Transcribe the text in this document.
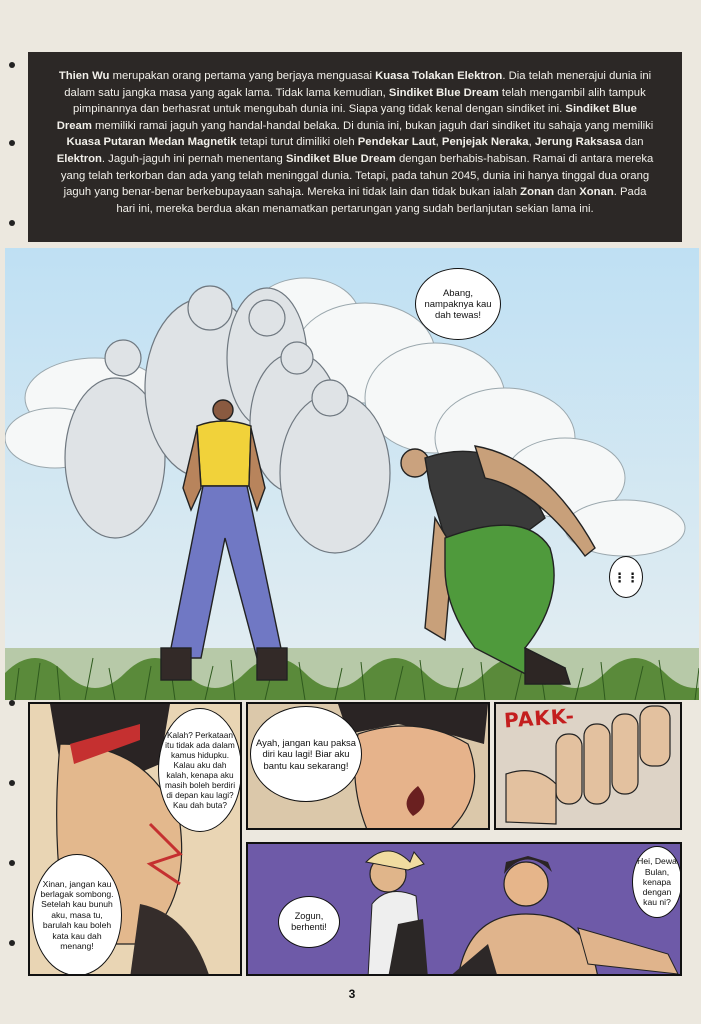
Thien Wu merupakan orang pertama yang berjaya menguasai Kuasa Tolakan Elektron. Dia telah menerajui dunia ini dalam satu jangka masa yang agak lama. Tidak lama kemudian, Sindiket Blue Dream telah mengambil alih tampuk pimpinannya dan berhasrat untuk mengubah dunia ini. Siapa yang tidak kenal dengan sindiket ini. Sindiket Blue Dream memiliki ramai jaguh yang handal-handal belaka. Di dunia ini, bukan jaguh dari sindiket itu sahaja yang memiliki Kuasa Putaran Medan Magnetik tetapi turut dimiliki oleh Pendekar Laut, Penjejak Neraka, Jerung Raksasa dan Elektron. Jaguh-jaguh ini pernah menentang Sindiket Blue Dream dengan berhabis-habisan. Ramai di antara mereka yang telah terkorban dan ada yang telah meninggal dunia. Tetapi, pada tahun 2045, dunia ini hanya tinggal dua orang jaguh yang benar-benar berkebupayaan sahaja. Mereka ini tidak lain dan tidak bukan ialah Zonan dan Xonan. Pada hari ini, mereka berdua akan menamatkan pertarungan yang sudah berlanjutan sekian lama ini.
Abang, nampaknya kau dah tewas!
⋮⋮
Kalah? Perkataan itu tidak ada dalam kamus hidupku. Kalau aku dah kalah, kenapa aku masih boleh berdiri di depan kau lagi? Kau dah buta?
Xinan, jangan kau berlagak sombong. Setelah kau bunuh aku, masa tu, barulah kau boleh kata kau dah menang!
Ayah, jangan kau paksa diri kau lagi! Biar aku bantu kau sekarang!
PAKK-
Zogun, berhenti!
Hei, Dewa Bulan, kenapa dengan kau ni?
3
